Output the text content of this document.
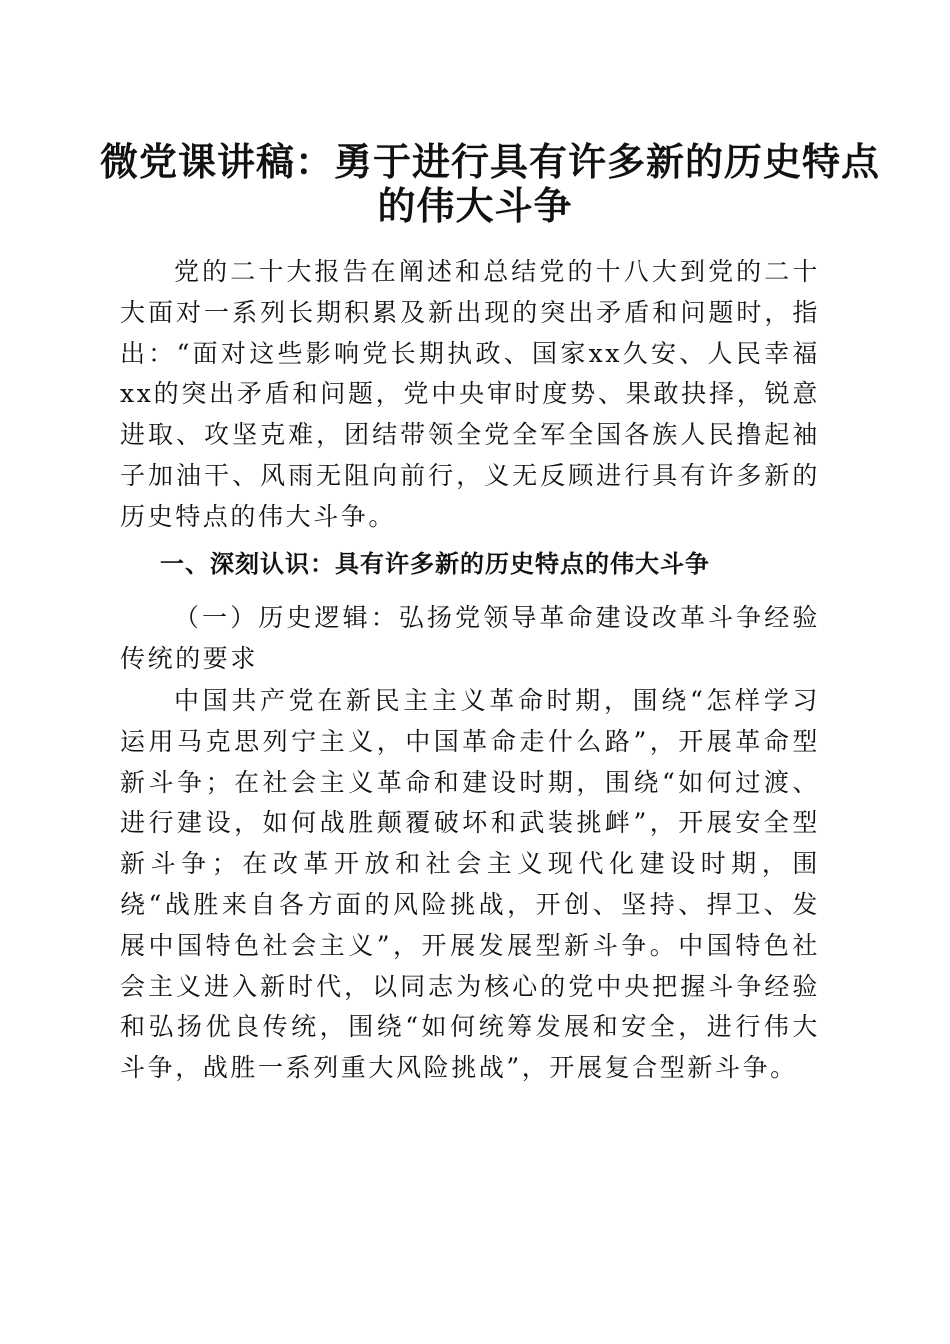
微党课讲稿：勇于进行具有许多新的历史特点
的伟大斗争

党的二十大报告在阐述和总结党的十八大到党的二十大面对一系列长期积累及新出现的突出矛盾和问题时，指出：“面对这些影响党长期执政、国家xx久安、人民幸福xx的突出矛盾和问题，党中央审时度势、果敢抉择，锐意进取、攻坚克难，团结带领全党全军全国各族人民撸起袖子加油干、风雨无阻向前行，义无反顾进行具有许多新的历史特点的伟大斗争。

一、深刻认识：具有许多新的历史特点的伟大斗争

（一）历史逻辑：弘扬党领导革命建设改革斗争经验传统的要求

中国共产党在新民主主义革命时期，围绕“怎样学习运用马克思列宁主义，中国革命走什么路”，开展革命型新斗争；在社会主义革命和建设时期，围绕“如何过渡、进行建设，如何战胜颠覆破坏和武装挑衅”，开展安全型新斗争；在改革开放和社会主义现代化建设时期，围绕“战胜来自各方面的风险挑战，开创、坚持、捍卫、发展中国特色社会主义”，开展发展型新斗争。中国特色社会主义进入新时代，以同志为核心的党中央把握斗争经验和弘扬优良传统，围绕“如何统筹发展和安全，进行伟大斗争，战胜一系列重大风险挑战”，开展复合型新斗争。
